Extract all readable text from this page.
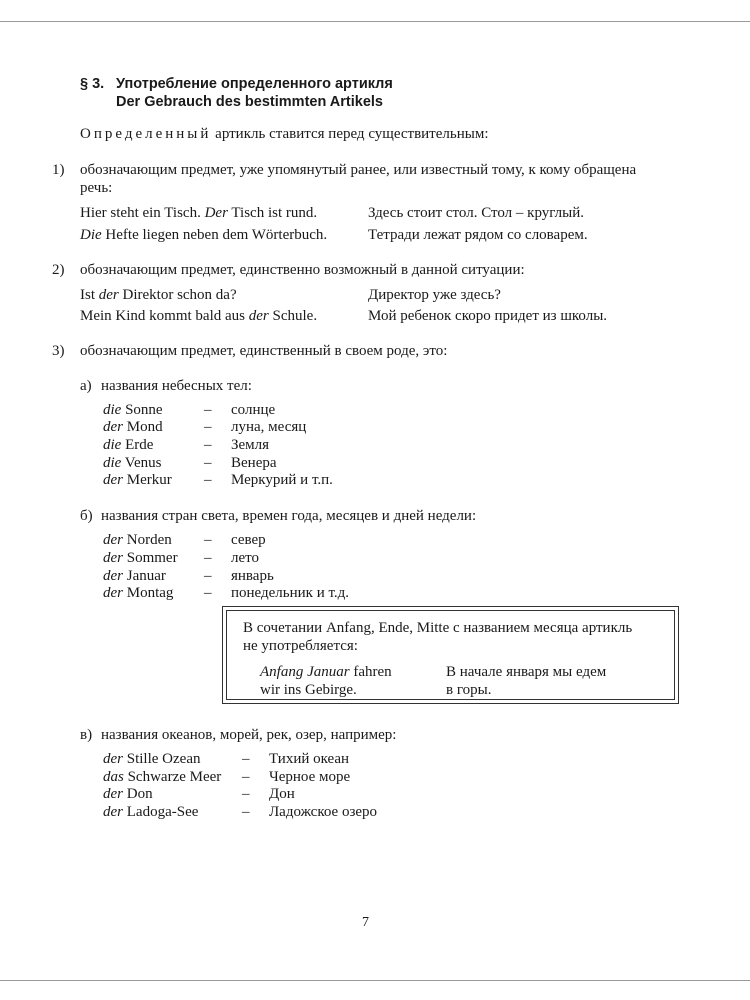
§ 3. Употребление определенного артикля
Der Gebrauch des bestimmten Artikels
Определенный артикль ставится перед существительным:
1) обозначающим предмет, уже упомянутый ранее, или известный тому, к кому обращена
речь:
Hier steht ein Tisch. Der Tisch ist rund.	Здесь стоит стол. Стол – круглый.
Die Hefte liegen neben dem Wörterbuch.	Тетради лежат рядом со словарем.
2) обозначающим предмет, единственно возможный в данной ситуации:
Ist der Direktor schon da?	Директор уже здесь?
Mein Kind kommt bald aus der Schule.	Мой ребенок скоро придет из школы.
3) обозначающим предмет, единственный в своем роде, это:
а) названия небесных тел:
die Sonne	– солнце
der Mond	– луна, месяц
die Erde	– Земля
die Venus	– Венера
der Merkur – Меркурий и т.п.
б) названия стран света, времен года, месяцев и дней недели:
der Norden – север
der Sommer – лето
der Januar	– январь
der Montag – понедельник и т.д.
В сочетании Anfang, Ende, Mitte с названием месяца артикль
не употребляется:
Anfang Januar fahren
wir ins Gebirge.
В начале января мы едем
в горы.
в) названия океанов, морей, рек, озер, например:
der Stille Ozean	– Тихий океан
das Schwarze Meer – Черное море
der Don	– Дон
der Ladoga-See	– Ладожское озеро
7
